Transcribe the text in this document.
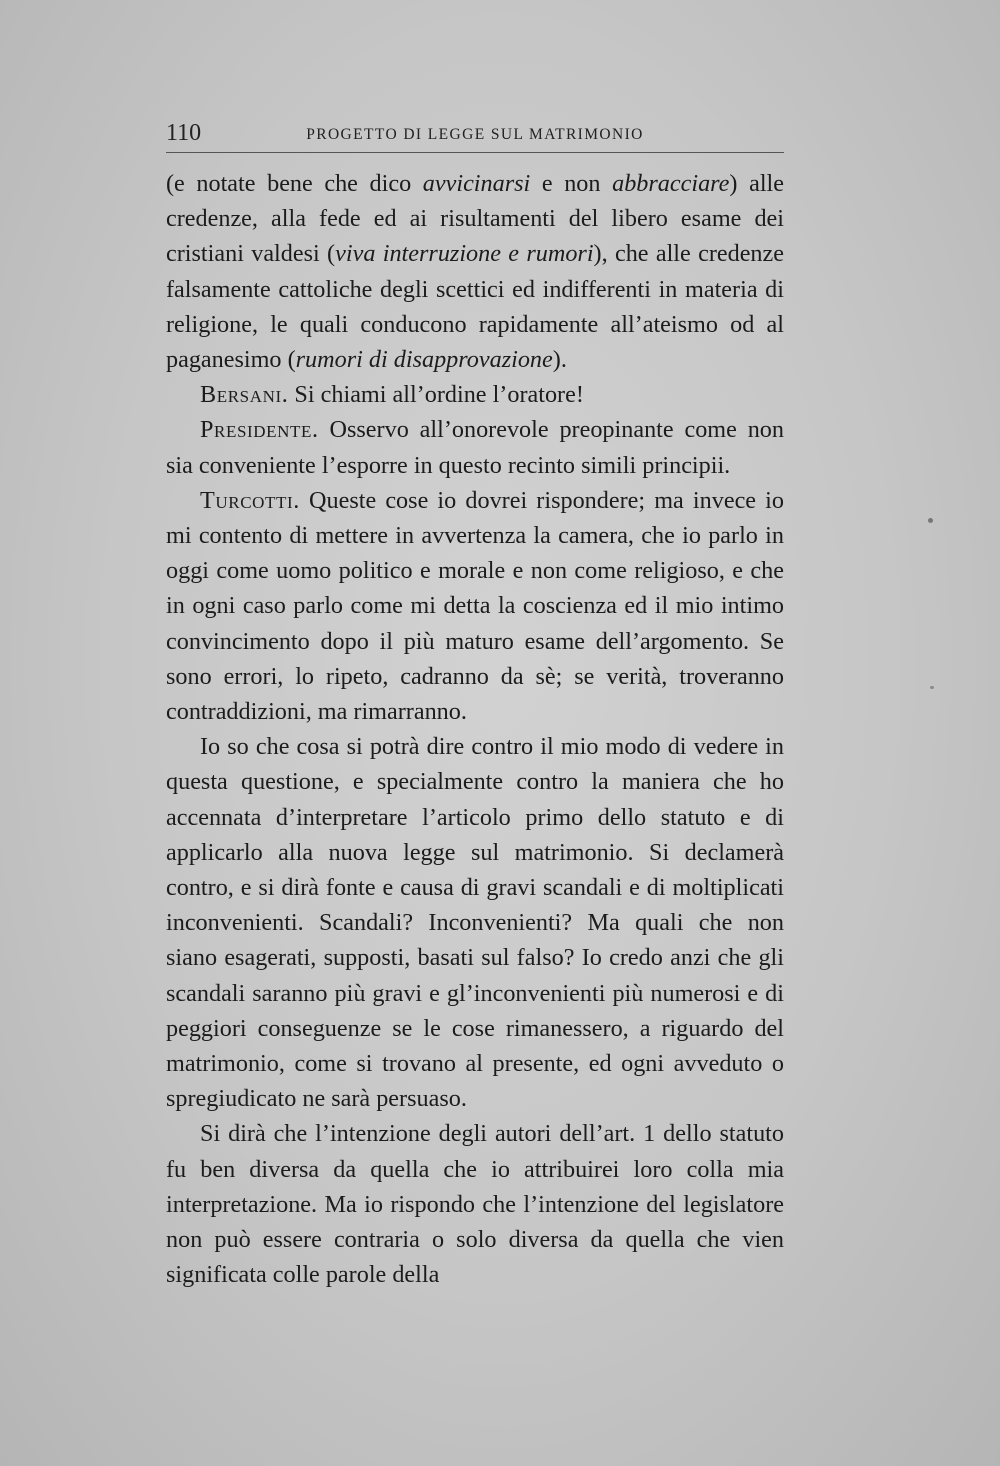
110	PROGETTO DI LEGGE SUL MATRIMONIO

(e notate bene che dico avvicinarsi e non abbracciare) alle credenze, alla fede ed ai risultamenti del libero esame dei cristiani valdesi (viva interruzione e rumori), che alle credenze falsamente cattoliche degli scettici ed indifferenti in materia di religione, le quali conducono rapidamente all’ateismo od al paganesimo (rumori di disapprovazione).

Bersani. Si chiami all’ordine l’oratore!

Presidente. Osservo all’onorevole preopinante come non sia conveniente l’esporre in questo recinto simili principii.

Turcotti. Queste cose io dovrei rispondere; ma invece io mi contento di mettere in avvertenza la camera, che io parlo in oggi come uomo politico e morale e non come religioso, e che in ogni caso parlo come mi detta la coscienza ed il mio intimo convincimento dopo il più maturo esame dell’argomento. Se sono errori, lo ripeto, cadranno da sè; se verità, troveranno contraddizioni, ma rimarranno.

Io so che cosa si potrà dire contro il mio modo di vedere in questa questione, e specialmente contro la maniera che ho accennata d’interpretare l’articolo primo dello statuto e di applicarlo alla nuova legge sul matrimonio. Si declamerà contro, e si dirà fonte e causa di gravi scandali e di moltiplicati inconvenienti. Scandali? Inconvenienti? Ma quali che non siano esagerati, supposti, basati sul falso? Io credo anzi che gli scandali saranno più gravi e gl’inconvenienti più numerosi e di peggiori conseguenze se le cose rimanessero, a riguardo del matrimonio, come si trovano al presente, ed ogni avveduto o spregiudicato ne sarà persuaso.

Si dirà che l’intenzione degli autori dell’art. 1 dello statuto fu ben diversa da quella che io attribuirei loro colla mia interpretazione. Ma io rispondo che l’intenzione del legislatore non può essere contraria o solo diversa da quella che vien significata colle parole della
